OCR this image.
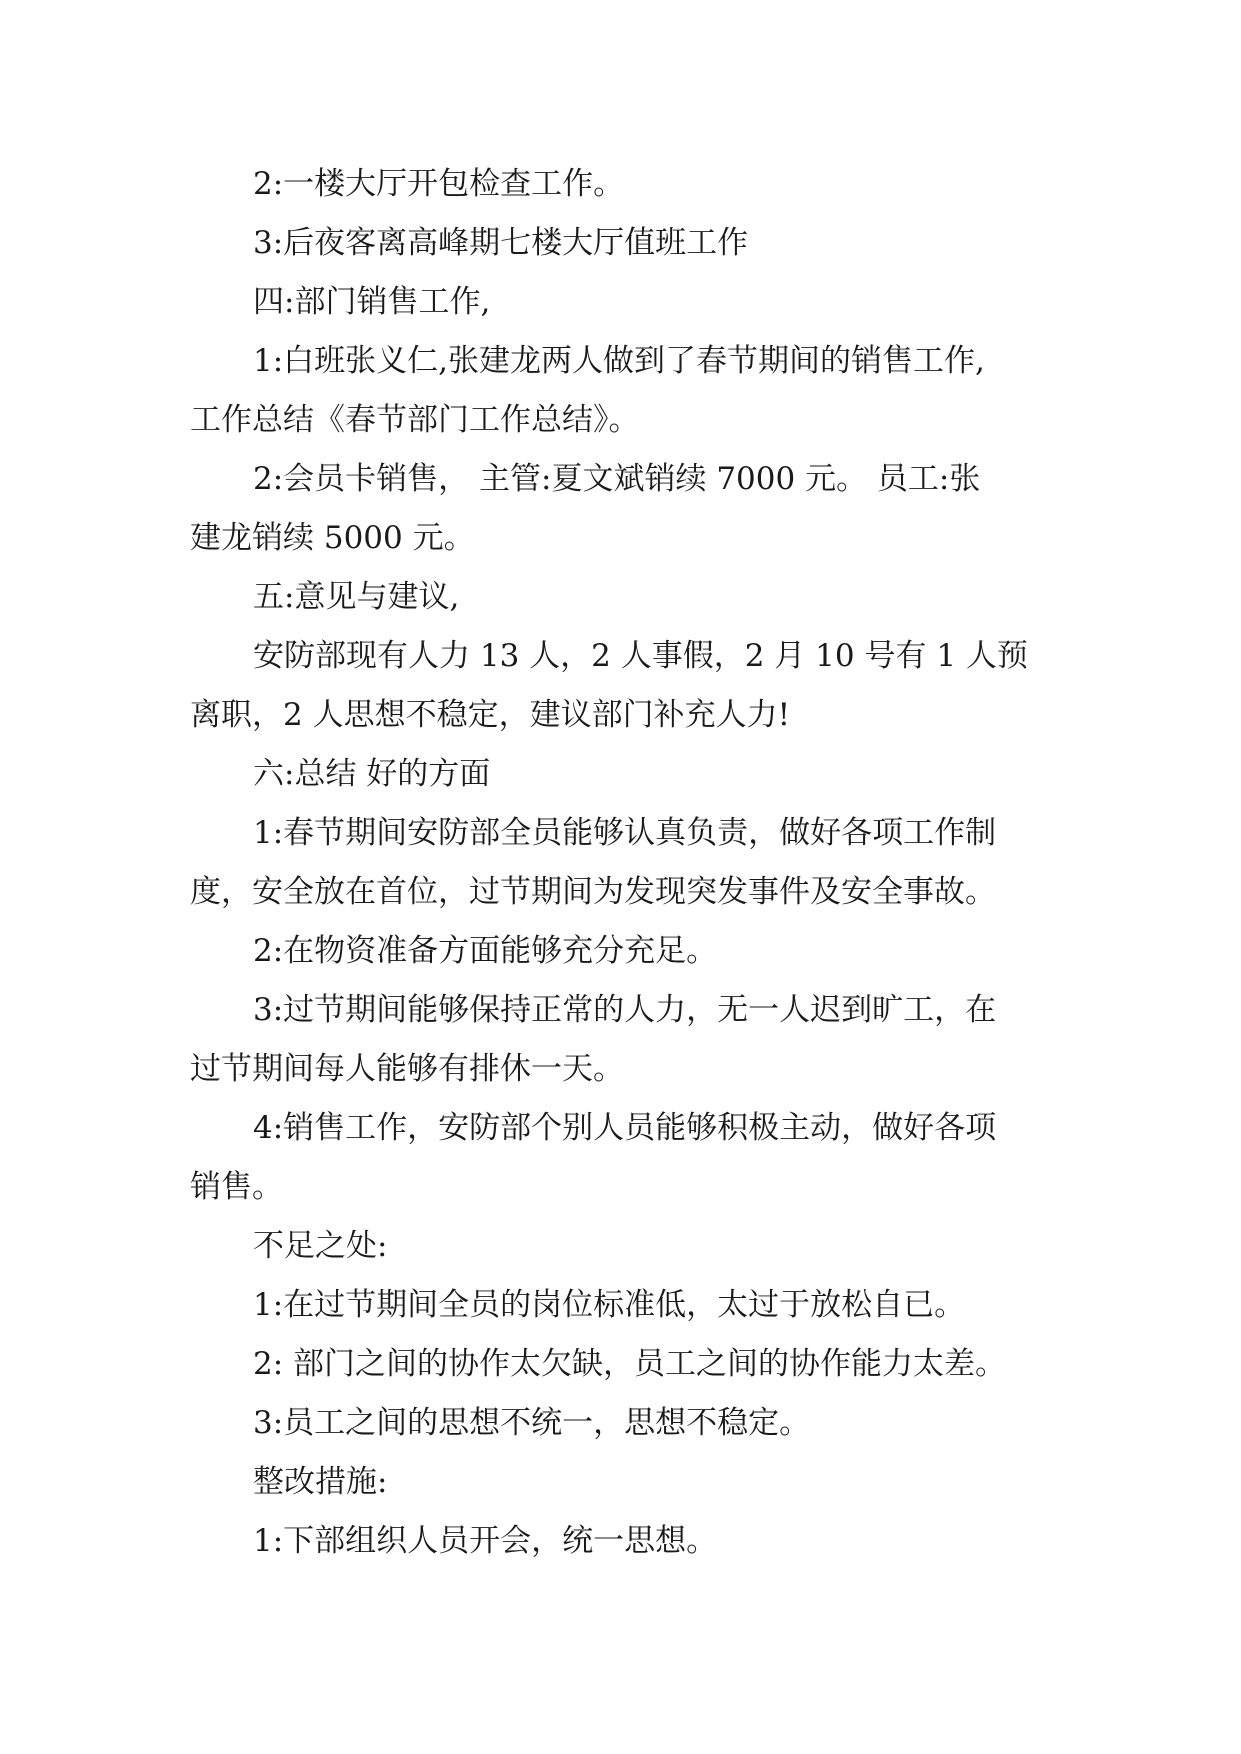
2:一楼大厅开包检查工作。
3:后夜客离高峰期七楼大厅值班工作
四:部门销售工作,
1:白班张义仁,张建龙两人做到了春节期间的销售工作,
工作总结《春节部门工作总结》。
2:会员卡销售， 主管:夏文斌销续 7000 元。 员工:张
建龙销续 5000 元。
五:意见与建议,
安防部现有人力 13 人，2 人事假，2 月 10 号有 1 人预
离职，2 人思想不稳定，建议部门补充人力!
六:总结 好的方面
1:春节期间安防部全员能够认真负责，做好各项工作制
度，安全放在首位，过节期间为发现突发事件及安全事故。
2:在物资准备方面能够充分充足。
3:过节期间能够保持正常的人力，无一人迟到旷工，在
过节期间每人能够有排休一天。
4:销售工作，安防部个别人员能够积极主动，做好各项
销售。
不足之处:
1:在过节期间全员的岗位标准低，太过于放松自已。
2: 部门之间的协作太欠缺，员工之间的协作能力太差。
3:员工之间的思想不统一，思想不稳定。
整改措施:
1:下部组织人员开会，统一思想。
